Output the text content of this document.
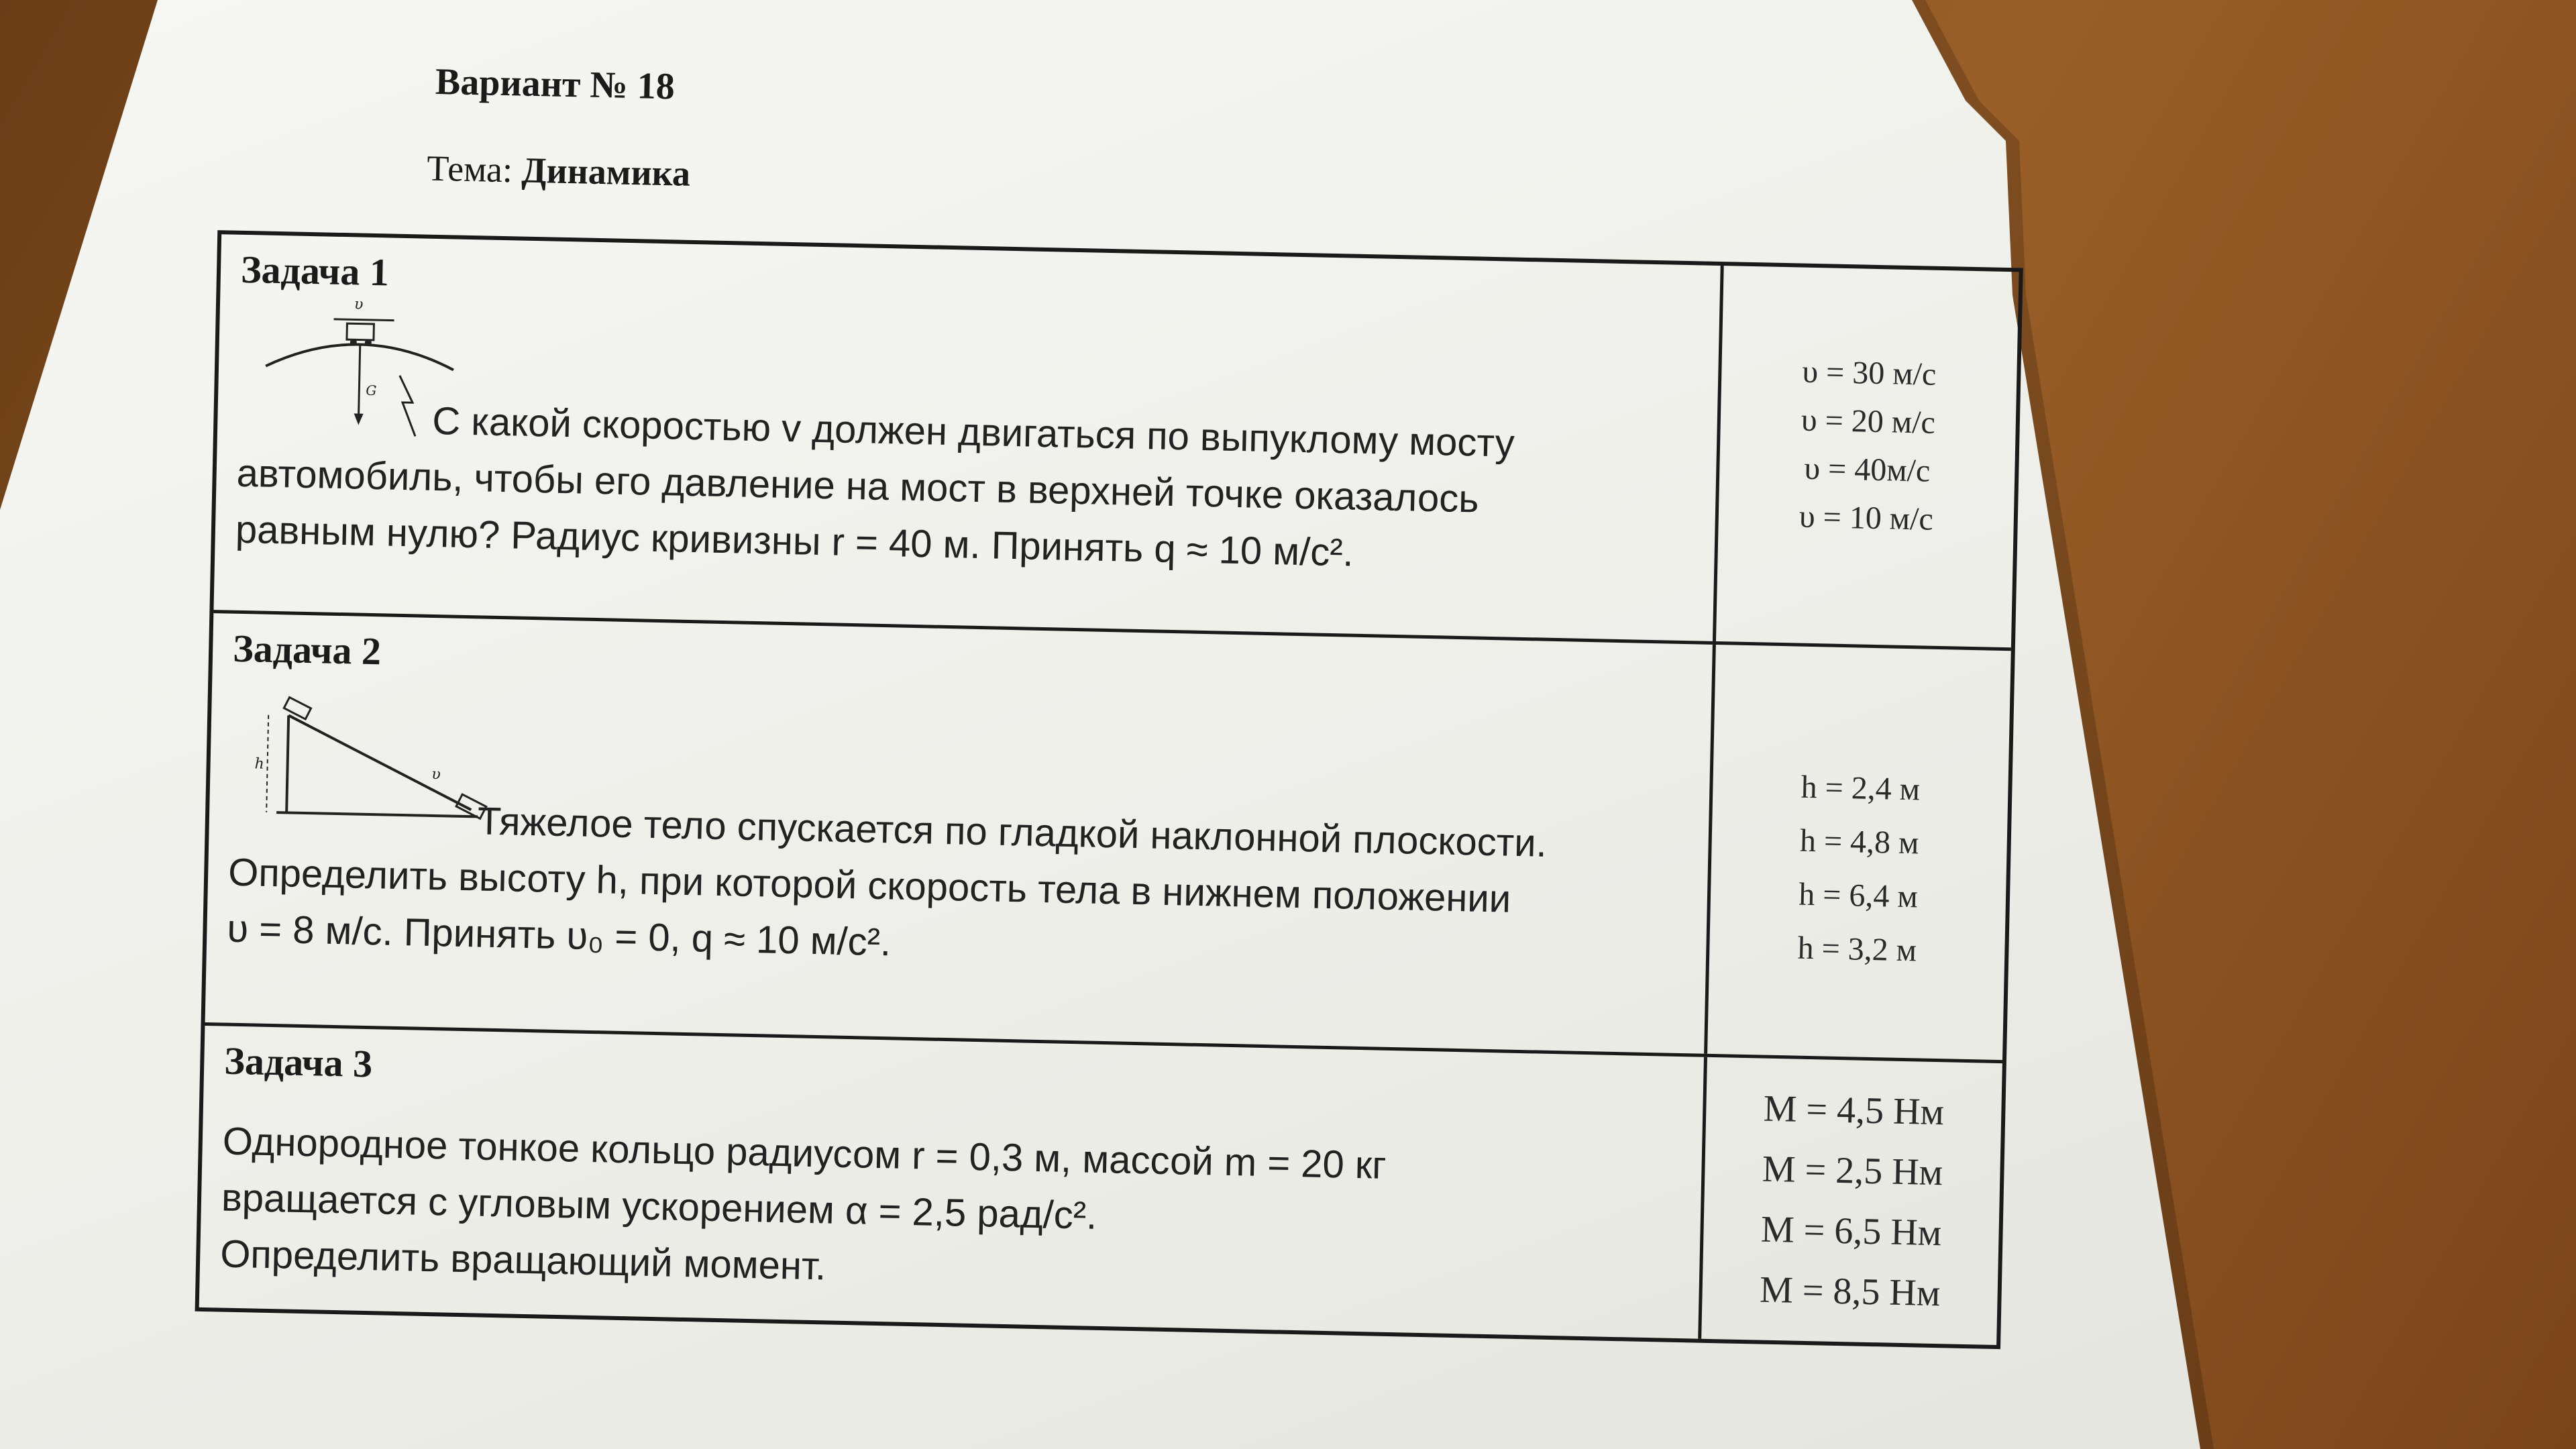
Вариант № 18
Тема: Динамика
Задача 1
υ
G
С какой скоростью v должен двигаться по выпуклому мосту
автомобиль, чтобы его давление на мост в верхней точке оказалось
равным нулю? Радиус кривизны r = 40 м. Принять q ≈ 10 м/с².
υ = 30 м/с
υ = 20 м/с
υ = 40м/с
υ = 10 м/с
Задача 2
h
υ
Тяжелое тело спускается по гладкой наклонной плоскости.
Определить высоту h, при которой скорость тела в нижнем положении
υ = 8 м/с. Принять υ₀ = 0, q ≈ 10 м/с².
h = 2,4 м
h = 4,8 м
h = 6,4 м
h = 3,2 м
Задача 3
Однородное тонкое кольцо радиусом r = 0,3 м, массой m = 20 кг
вращается с угловым ускорением α = 2,5 рад/с².
Определить вращающий момент.
M = 4,5 Нм
M = 2,5 Нм
M = 6,5 Нм
M = 8,5 Нм
